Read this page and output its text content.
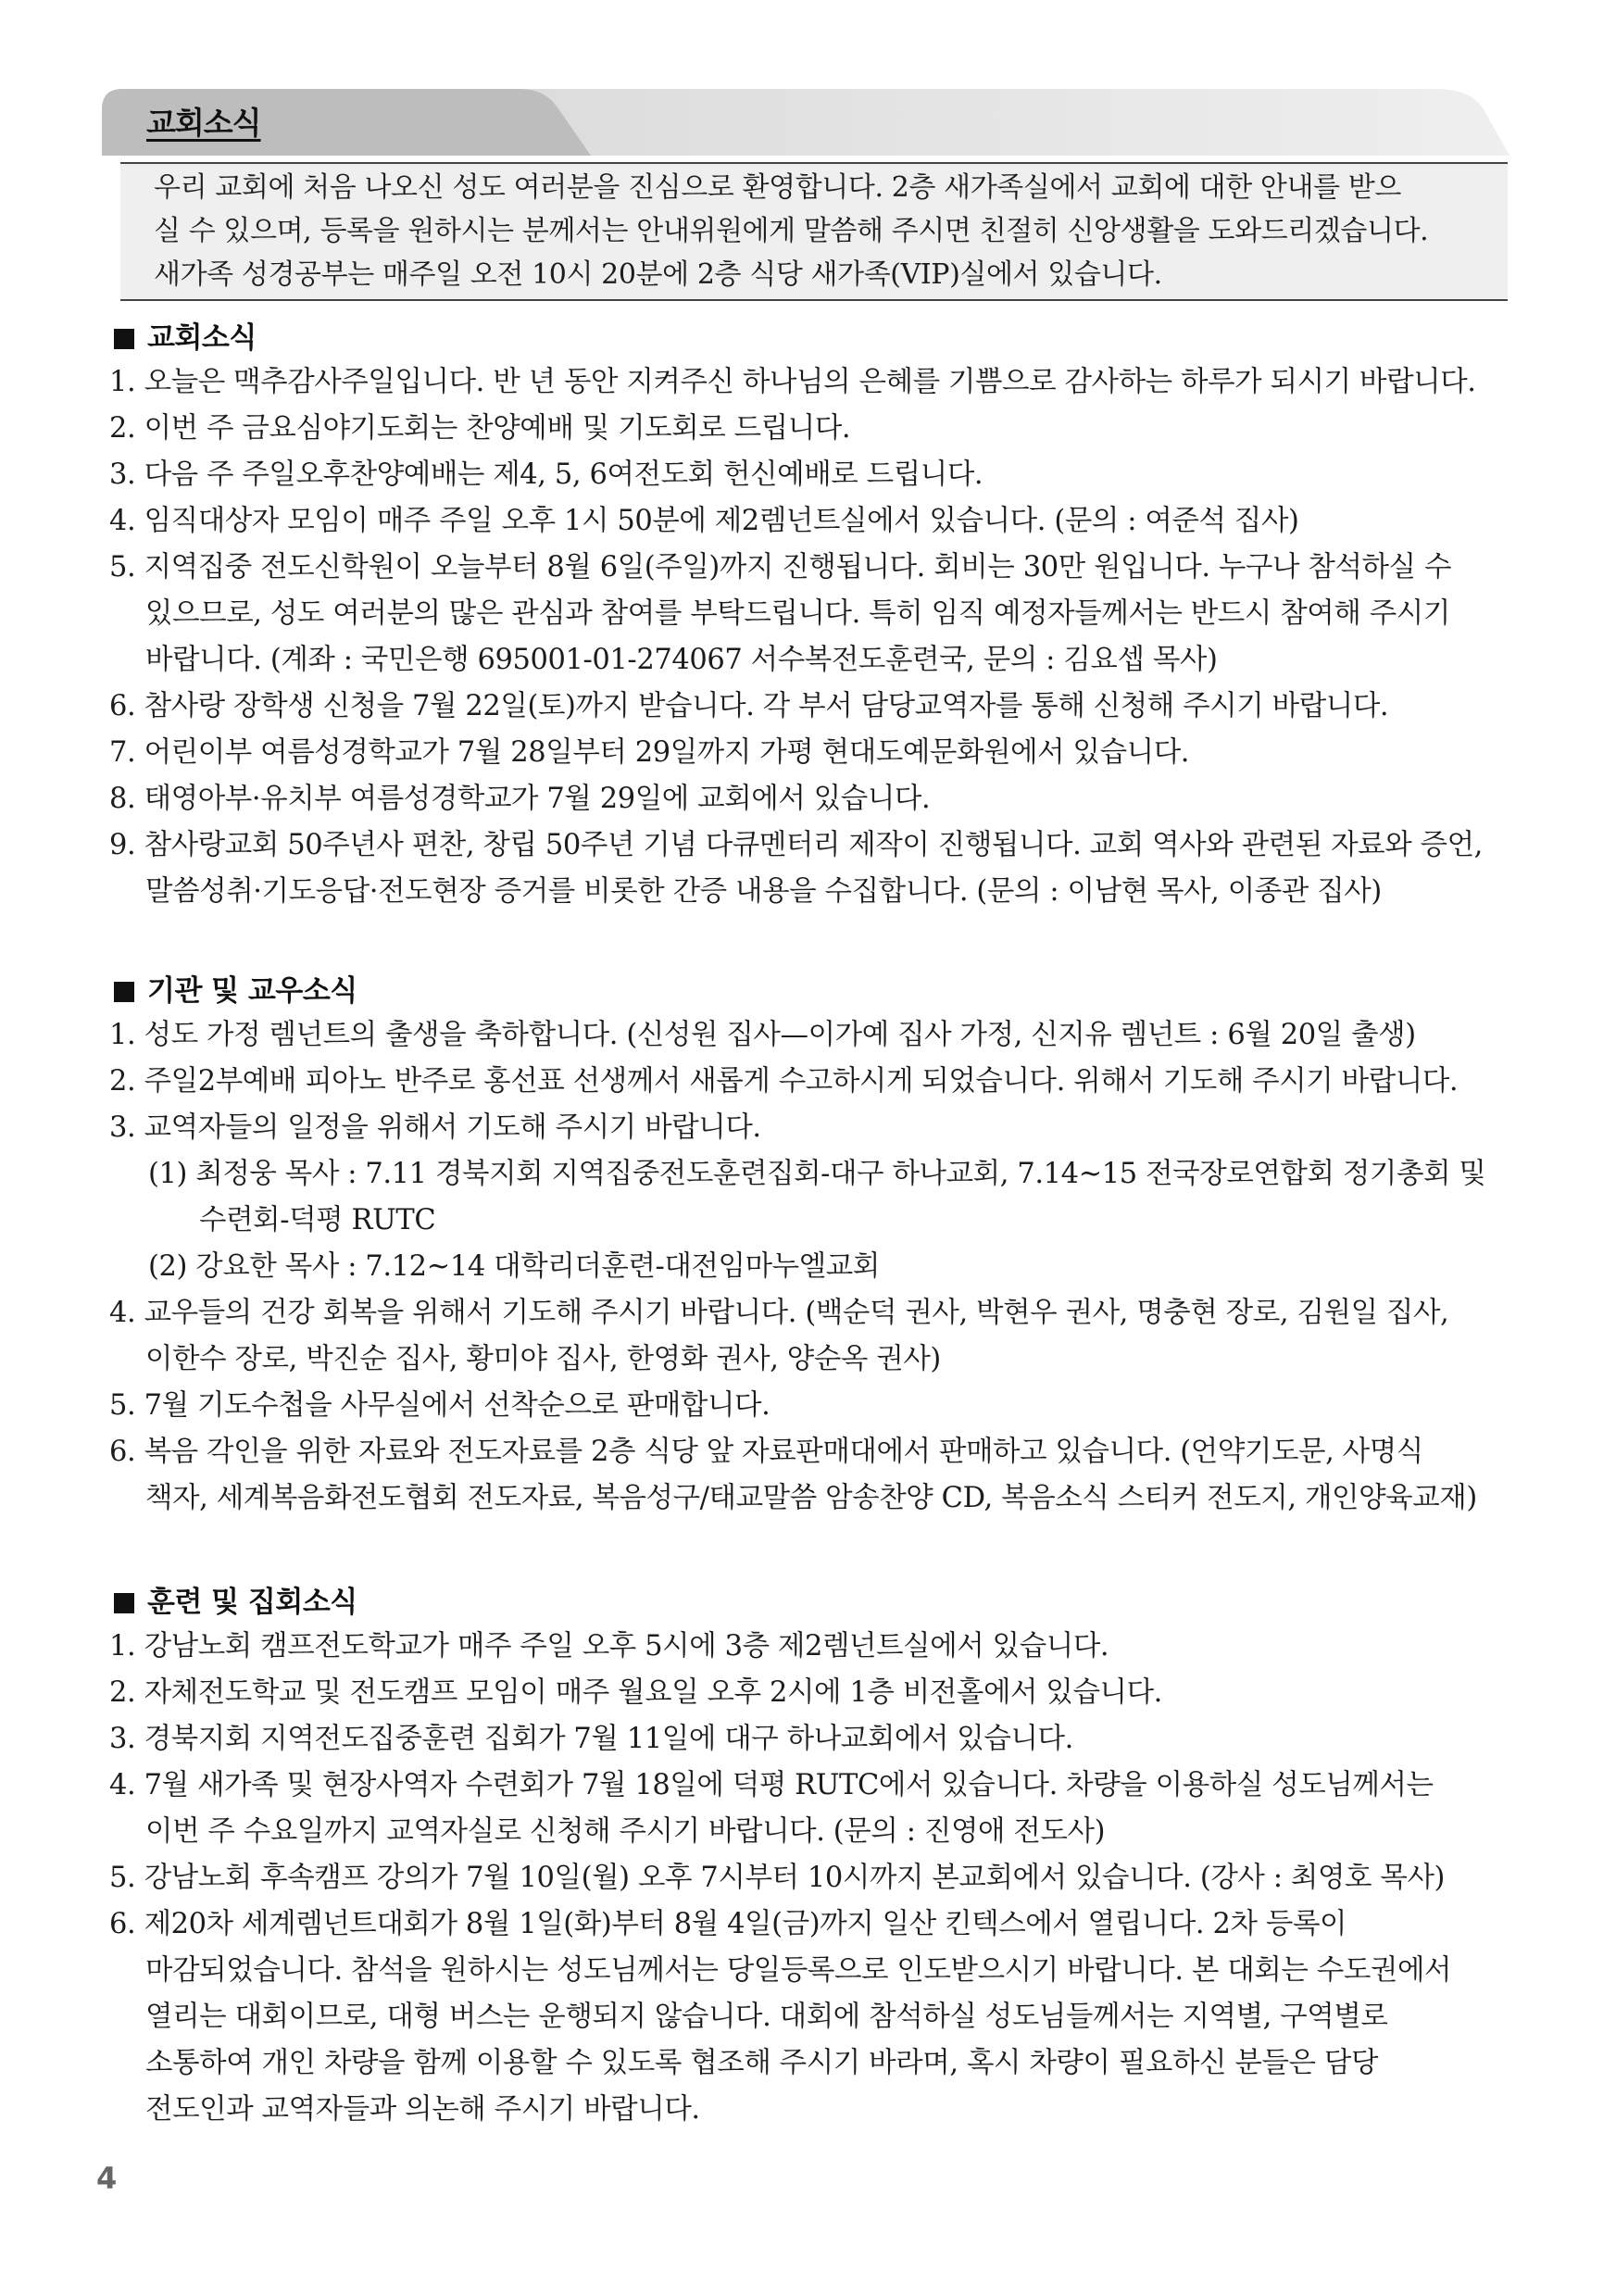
교회소식
우리 교회에 처음 나오신 성도 여러분을 진심으로 환영합니다. 2층 새가족실에서 교회에 대한 안내를 받으
실 수 있으며, 등록을 원하시는 분께서는 안내위원에게 말씀해 주시면 친절히 신앙생활을 도와드리겠습니다.
새가족 성경공부는 매주일 오전 10시 20분에 2층 식당 새가족(VIP)실에서 있습니다.
교회소식
1. 오늘은 맥추감사주일입니다. 반 년 동안 지켜주신 하나님의 은혜를 기쁨으로 감사하는 하루가 되시기 바랍니다.
2. 이번 주 금요심야기도회는 찬양예배 및 기도회로 드립니다.
3. 다음 주 주일오후찬양예배는 제4, 5, 6여전도회 헌신예배로 드립니다.
4. 임직대상자 모임이 매주 주일 오후 1시 50분에 제2렘넌트실에서 있습니다. (문의 : 여준석 집사)
5. 지역집중 전도신학원이 오늘부터 8월 6일(주일)까지 진행됩니다. 회비는 30만 원입니다. 누구나 참석하실 수
있으므로, 성도 여러분의 많은 관심과 참여를 부탁드립니다. 특히 임직 예정자들께서는 반드시 참여해 주시기
바랍니다. (계좌 : 국민은행 695001-01-274067 서수복전도훈련국, 문의 : 김요셉 목사)
6. 참사랑 장학생 신청을 7월 22일(토)까지 받습니다. 각 부서 담당교역자를 통해 신청해 주시기 바랍니다.
7. 어린이부 여름성경학교가 7월 28일부터 29일까지 가평 현대도예문화원에서 있습니다.
8. 태영아부·유치부 여름성경학교가 7월 29일에 교회에서 있습니다.
9. 참사랑교회 50주년사 편찬, 창립 50주년 기념 다큐멘터리 제작이 진행됩니다. 교회 역사와 관련된 자료와 증언,
말씀성취·기도응답·전도현장 증거를 비롯한 간증 내용을 수집합니다. (문의 : 이남현 목사, 이종관 집사)
기관 및 교우소식
1. 성도 가정 렘넌트의 출생을 축하합니다. (신성원 집사—이가예 집사 가정, 신지유 렘넌트 : 6월 20일 출생)
2. 주일2부예배 피아노 반주로 홍선표 선생께서 새롭게 수고하시게 되었습니다. 위해서 기도해 주시기 바랍니다.
3. 교역자들의 일정을 위해서 기도해 주시기 바랍니다.
(1) 최정웅 목사 : 7.11 경북지회 지역집중전도훈련집회-대구 하나교회, 7.14~15 전국장로연합회 정기총회 및
수련회-덕평 RUTC
(2) 강요한 목사 : 7.12~14 대학리더훈련-대전임마누엘교회
4. 교우들의 건강 회복을 위해서 기도해 주시기 바랍니다. (백순덕 권사, 박현우 권사, 명충현 장로, 김원일 집사,
이한수 장로, 박진순 집사, 황미야 집사, 한영화 권사, 양순옥 권사)
5. 7월 기도수첩을 사무실에서 선착순으로 판매합니다.
6. 복음 각인을 위한 자료와 전도자료를 2층 식당 앞 자료판매대에서 판매하고 있습니다. (언약기도문, 사명식
책자, 세계복음화전도협회 전도자료, 복음성구/태교말씀 암송찬양 CD, 복음소식 스티커 전도지, 개인양육교재)
훈련 및 집회소식
1. 강남노회 캠프전도학교가 매주 주일 오후 5시에 3층 제2렘넌트실에서 있습니다.
2. 자체전도학교 및 전도캠프 모임이 매주 월요일 오후 2시에 1층 비전홀에서 있습니다.
3. 경북지회 지역전도집중훈련 집회가 7월 11일에 대구 하나교회에서 있습니다.
4. 7월 새가족 및 현장사역자 수련회가 7월 18일에 덕평 RUTC에서 있습니다. 차량을 이용하실 성도님께서는
이번 주 수요일까지 교역자실로 신청해 주시기 바랍니다. (문의 : 진영애 전도사)
5. 강남노회 후속캠프 강의가 7월 10일(월) 오후 7시부터 10시까지 본교회에서 있습니다. (강사 : 최영호 목사)
6. 제20차 세계렘넌트대회가 8월 1일(화)부터 8월 4일(금)까지 일산 킨텍스에서 열립니다. 2차 등록이
마감되었습니다. 참석을 원하시는 성도님께서는 당일등록으로 인도받으시기 바랍니다. 본 대회는 수도권에서
열리는 대회이므로, 대형 버스는 운행되지 않습니다. 대회에 참석하실 성도님들께서는 지역별, 구역별로
소통하여 개인 차량을 함께 이용할 수 있도록 협조해 주시기 바라며, 혹시 차량이 필요하신 분들은 담당
전도인과 교역자들과 의논해 주시기 바랍니다.
4
